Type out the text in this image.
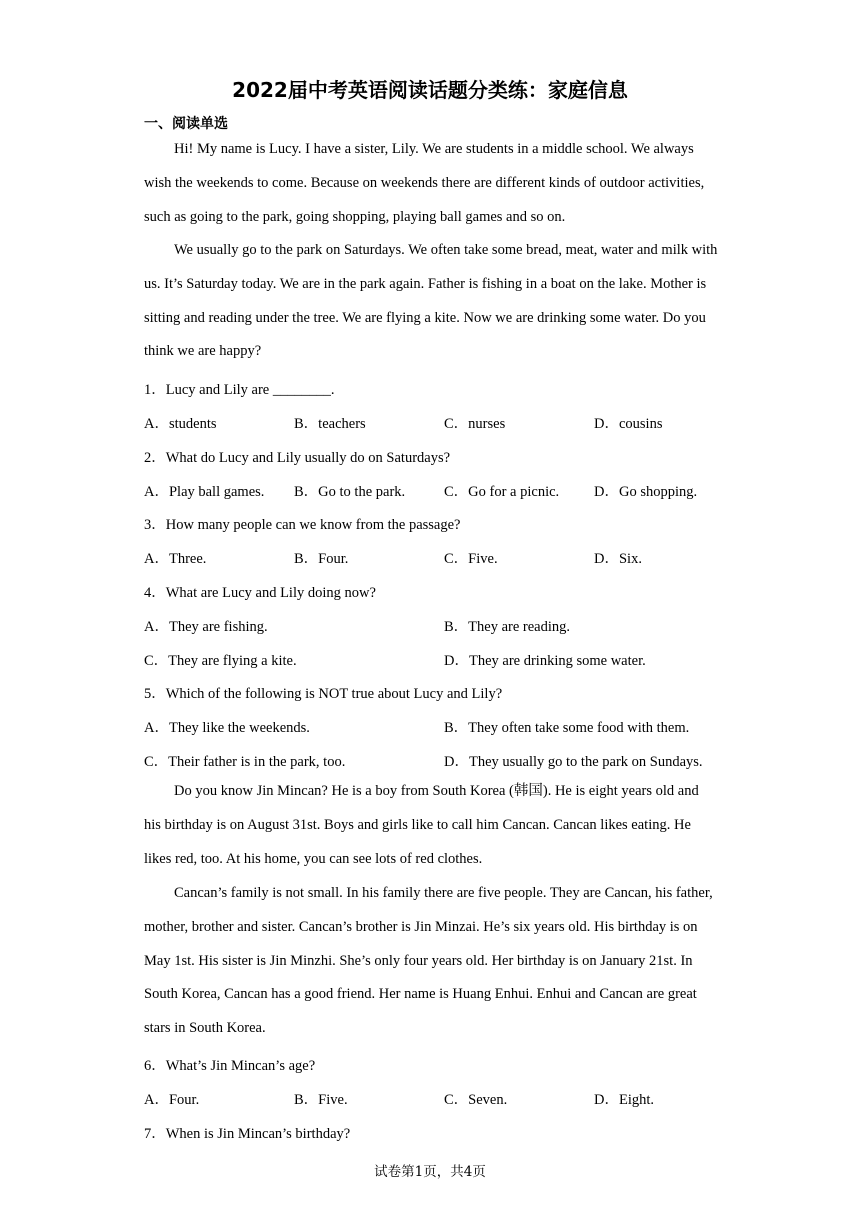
2022届中考英语阅读话题分类练：家庭信息
一、阅读单选
Hi! My name is Lucy. I have a sister, Lily. We are students in a middle school. We always wish the weekends to come. Because on weekends there are different kinds of outdoor activities, such as going to the park, going shopping, playing ball games and so on.
We usually go to the park on Saturdays. We often take some bread, meat, water and milk with us. It’s Saturday today. We are in the park again. Father is fishing in a boat on the lake. Mother is sitting and reading under the tree. We are flying a kite. Now we are drinking some water. Do you think we are happy?
1．Lucy and Lily are ________.
A．students	B．teachers	C．nurses	D．cousins
2．What do Lucy and Lily usually do on Saturdays?
A．Play ball games. B．Go to the park.	C．Go for a picnic. D．Go shopping.
3．How many people can we know from the passage?
A．Three.	B．Four.	C．Five.	D．Six.
4．What are Lucy and Lily doing now?
A．They are fishing.	B．They are reading.
C．They are flying a kite.	D．They are drinking some water.
5．Which of the following is NOT true about Lucy and Lily?
A．They like the weekends.	B．They often take some food with them.
C．Their father is in the park, too.	D．They usually go to the park on Sundays.
Do you know Jin Mincan? He is a boy from South Korea (韩国). He is eight years old and his birthday is on August 31st. Boys and girls like to call him Cancan. Cancan likes eating. He likes red, too. At his home, you can see lots of red clothes.
Cancan’s family is not small. In his family there are five people. They are Cancan, his father, mother, brother and sister. Cancan’s brother is Jin Minzai. He’s six years old. His birthday is on May 1st. His sister is Jin Minzhi. She’s only four years old. Her birthday is on January 21st. In South Korea, Cancan has a good friend. Her name is Huang Enhui. Enhui and Cancan are great stars in South Korea.
6．What’s Jin Mincan’s age?
A．Four.	B．Five.	C．Seven.	D．Eight.
7．When is Jin Mincan’s birthday?
试卷第1页，共4页
